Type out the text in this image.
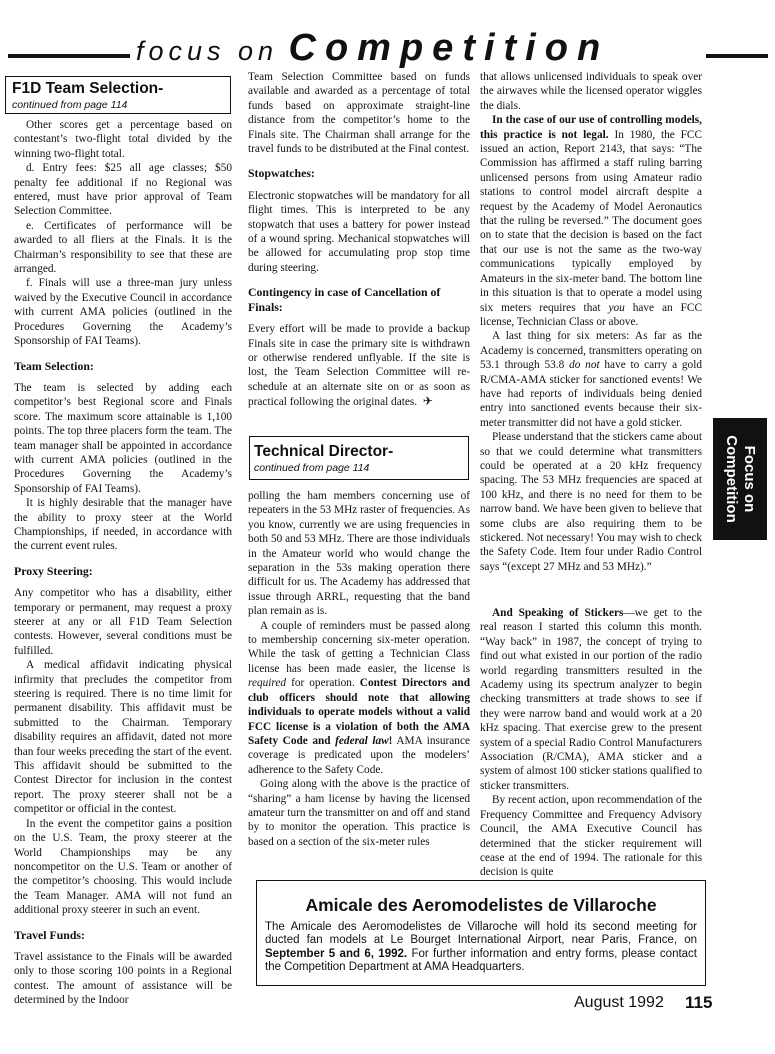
focus on Competition
F1D Team Selection-
continued from page 114

Other scores get a percentage based on contestant’s two-flight total divided by the winning two-flight total.

d. Entry fees: $25 all age classes; $50 penalty fee additional if no Regional was entered, must have prior approval of Team Selection Committee.

e. Certificates of performance will be awarded to all fliers at the Finals. It is the Chairman’s responsibility to see that these are arranged.

f. Finals will use a three-man jury unless waived by the Executive Council in accordance with current AMA policies (outlined in the Procedures Governing the Academy’s Sponsorship of FAI Teams).

Team Selection:

The team is selected by adding each competitor’s best Regional score and Finals score. The maximum score attainable is 1,100 points. The top three placers form the team. The team manager shall be appointed in accordance with current AMA policies (outlined in the Procedures Governing the Academy’s Sponsorship of FAI Teams).

It is highly desirable that the manager have the ability to proxy steer at the World Championships, if needed, in accordance with the current event rules.

Proxy Steering:

Any competitor who has a disability, either temporary or permanent, may request a proxy steerer at any or all F1D Team Selection contests. However, several conditions must be fulfilled.

A medical affidavit indicating physical infirmity that precludes the competitor from steering is required. There is no time limit for permanent disability. This affidavit must be submitted to the Chairman. Temporary disability requires an affidavit, dated not more than four weeks preceding the start of the event. This affidavit should be submitted to the Contest Director for inclusion in the contest report. The proxy steerer shall not be a competitor or official in the contest.

In the event the competitor gains a position on the U.S. Team, the proxy steerer at the World Championships may be any noncompetitor on the U.S. Team or another of the competitor’s choosing. This would include the Team Manager. AMA will not fund an additional proxy steerer in such an event.

Travel Funds:

Travel assistance to the Finals will be awarded only to those scoring 100 points in a Regional contest. The amount of assistance will be determined by the Indoor

Team Selection Committee based on funds available and awarded as a percentage of total funds based on approximate straight-line distance from the competitor’s home to the Finals site. The Chairman shall arrange for the travel funds to be distributed at the Final contest.

Stopwatches:

Electronic stopwatches will be mandatory for all flight times. This is interpreted to be any stopwatch that uses a battery for power instead of a wound spring. Mechanical stopwatches will be allowed for accumulating prop stop time during steering.

Contingency in case of Cancellation of Finals:

Every effort will be made to provide a backup Finals site in case the primary site is withdrawn or otherwise rendered unflyable. If the site is lost, the Team Selection Committee will re-schedule at an alternate site on or as soon as practical following the original dates. ✈

Technical Director-
continued from page 114

polling the ham members concerning use of repeaters in the 53 MHz raster of frequencies. As you know, currently we are using frequencies in both 50 and 53 MHz. There are those individuals in the Amateur world who would change the separation in the 53s making operation there difficult for us. The Academy has addressed that issue through ARRL, requesting that the band plan remain as is.

A couple of reminders must be passed along to membership concerning six-meter operation. While the task of getting a Technician Class license has been made easier, the license is required for operation. Contest Directors and club officers should note that allowing individuals to operate models without a valid FCC license is a violation of both the AMA Safety Code and federal law! AMA insurance coverage is predicated upon the modelers’ adherence to the Safety Code.

Going along with the above is the practice of “sharing” a ham license by having the licensed amateur turn the transmitter on and off and stand by to monitor the operation. This practice is based on a section of the six-meter rules

that allows unlicensed individuals to speak over the airwaves while the licensed operator wiggles the dials.

In the case of our use of controlling models, this practice is not legal. In 1980, the FCC issued an action, Report 2143, that says: “The Commission has affirmed a staff ruling barring unlicensed persons from using Amateur radio stations to control model aircraft despite a request by the Academy of Model Aeronautics that the ruling be reversed.” The document goes on to state that the decision is based on the fact that our use is not the same as the two-way communications typically employed by Amateurs in the six-meter band. The bottom line in this situation is that to operate a model using six meters requires that you have an FCC license, Technician Class or above.

A last thing for six meters: As far as the Academy is concerned, transmitters operating on 53.1 through 53.8 do not have to carry a gold R/CMA-AMA sticker for sanctioned events! We have had reports of individuals being denied entry into sanctioned events because their six-meter transmitter did not have a gold sticker.

Please understand that the stickers came about so that we could determine what transmitters could be operated at a 20 kHz frequency spacing. The 53 MHz frequencies are spaced at 100 kHz, and there is no need for them to be narrow band. We have been given to believe that some clubs are also requiring them to be stickered. Not necessary! You may wish to check the Safety Code. Item four under Radio Control says “(except 27 MHz and 53 MHz).”

And Speaking of Stickers—we get to the real reason I started this column this month. “Way back” in 1987, the concept of trying to find out what existed in our portion of the radio world regarding transmitters resulted in the Academy using its spectrum analyzer to begin checking transmitters at trade shows to see if they were narrow band and would work at a 20 kHz spacing. That exercise grew to the present system of a special Radio Control Manufacturers Association (R/CMA), AMA sticker and a system of almost 100 sticker stations qualified to sticker transmitters.

By recent action, upon recommendation of the Frequency Committee and Frequency Advisory Council, the AMA Executive Council has determined that the sticker requirement will cease at the end of 1994. The rationale for this decision is quite

Focus on
Competition
Amicale des Aeromodelistes de Villaroche
The Amicale des Aeromodelistes de Villaroche will hold its second meeting for ducted fan models at Le Bourget International Airport, near Paris, France, on September 5 and 6, 1992. For further information and entry forms, please contact the Competition Department at AMA Headquarters.
August 1992 115
